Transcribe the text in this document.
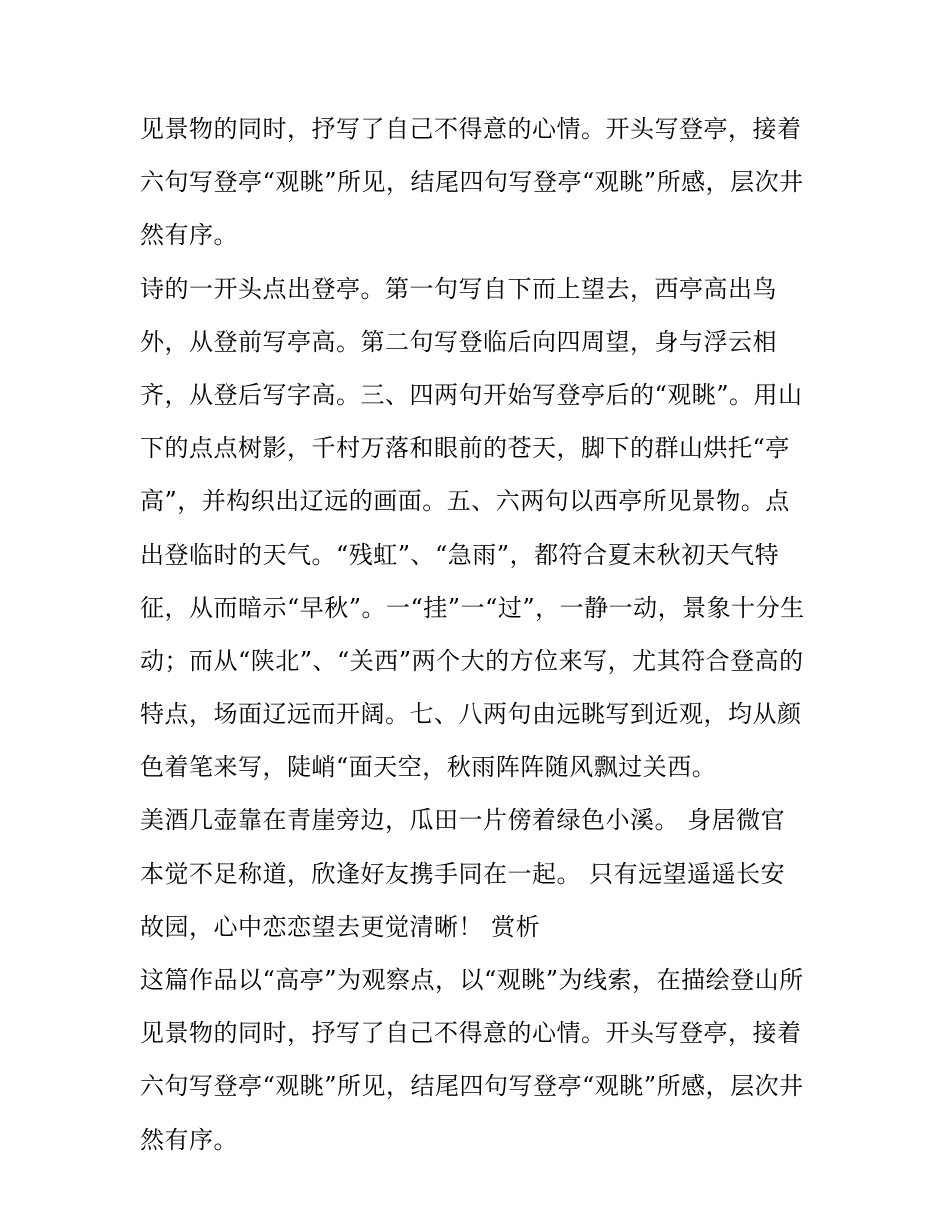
见景物的同时，抒写了自己不得意的心情。开头写登亭，接着
六句写登亭“观眺”所见，结尾四句写登亭“观眺”所感，层次井
然有序。
诗的一开头点出登亭。第一句写自下而上望去，西亭高出鸟
外，从登前写亭高。第二句写登临后向四周望，身与浮云相
齐，从登后写字高。三、四两句开始写登亭后的“观眺”。用山
下的点点树影，千村万落和眼前的苍天，脚下的群山烘托“亭
高”，并构织出辽远的画面。五、六两句以西亭所见景物。点
出登临时的天气。“残虹”、“急雨”，都符合夏末秋初天气特
征，从而暗示“早秋”。一“挂”一“过”，一静一动，景象十分生
动；而从“陕北”、“关西”两个大的方位来写，尤其符合登高的
特点，场面辽远而开阔。七、八两句由远眺写到近观，均从颜
色着笔来写，陡峭“面天空，秋雨阵阵随风飘过关西。
美酒几壶靠在青崖旁边，瓜田一片傍着绿色小溪。 身居微官
本觉不足称道，欣逢好友携手同在一起。 只有远望遥遥长安
故园，心中恋恋望去更觉清晰！ 赏析
这篇作品以“高亭”为观察点，以“观眺”为线索，在描绘登山所
见景物的同时，抒写了自己不得意的心情。开头写登亭，接着
六句写登亭“观眺”所见，结尾四句写登亭“观眺”所感，层次井
然有序。
